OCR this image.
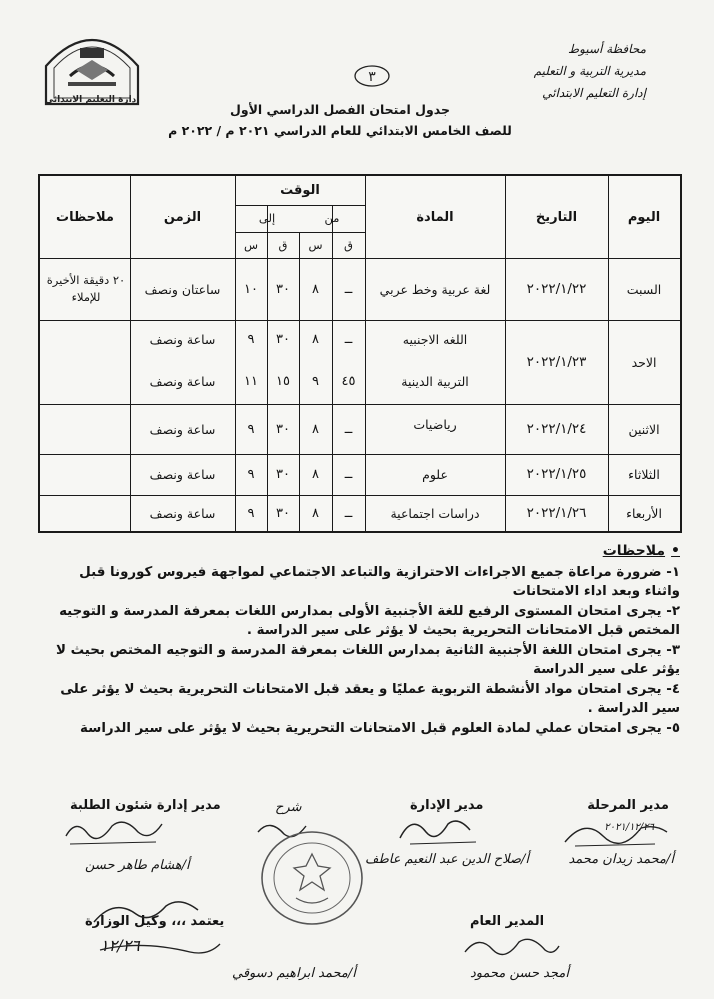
محافظة أسيوط
مديرية التربية و التعليم
إدارة التعليم الابتدائي
إدارة التعليم الابتدائي
٣
جدول امتحان الفصل الدراسي الأول
للصف الخامس الابتدائي للعام الدراسي ٢٠٢١ م / ٢٠٢٢ م
اليوم
التاريخ
المادة
الوقت
من
إلى
ق
س
ق
س
الزمن
ملاحظات
السبت
٢٠٢٢/١/٢٢
لغة عربية وخط عربي
ــ
٨
٣٠
١٠
ساعتان ونصف
٢٠ دقيقة الأخيرة للإملاء
الاحد
٢٠٢٢/١/٢٣
اللغه الاجنبيه
ــ
٨
٣٠
٩
ساعة ونصف
التربية الدينية
٤٥
٩
١٥
١١
ساعة ونصف
الاثنين
٢٠٢٢/١/٢٤
رياضيات
ــ
٨
٣٠
٩
ساعة ونصف
الثلاثاء
٢٠٢٢/١/٢٥
علوم
ــ
٨
٣٠
٩
ساعة ونصف
الأربعاء
٢٠٢٢/١/٢٦
دراسات اجتماعية
ــ
٨
٣٠
٩
ساعة ونصف
• ملاحظات
١- ضرورة مراعاة جميع الاجراءات الاحترازية والتباعد الاجتماعي لمواجهة فيروس كورونا قبل واثناء وبعد اداء الامتحانات
٢- يجرى امتحان المستوى الرفيع للغة الأجنبية الأولى بمدارس اللغات بمعرفة المدرسة و التوجيه المختص قبل الامتحانات التحريرية بحيث لا يؤثر على سير الدراسة .
٣- يجرى امتحان اللغة الأجنبية الثانية بمدارس اللغات بمعرفة المدرسة و التوجيه المختص بحيث لا يؤثر على سير الدراسة
٤- يجرى امتحان مواد الأنشطة التربوية عمليًا و يعقد قبل الامتحانات التحريرية بحيث لا يؤثر على سير الدراسة .
٥- يجرى امتحان عملي لمادة العلوم قبل الامتحانات التحريرية بحيث لا يؤثر على سير الدراسة
مدير المرحلة
٢٠٢١/١٢/٢٦
أ/محمد زيدان محمد
مدير الإدارة
شرح
أ/صلاح الدين عبد النعيم عاطف
مدير إدارة شئون الطلبة
أ/هشام طاهر حسن
المدير العام
أمجد حسن محمود
يعتمد ،،، وكيل الوزارة
١٢/٢٦
أ/محمد ابراهيم دسوقي
